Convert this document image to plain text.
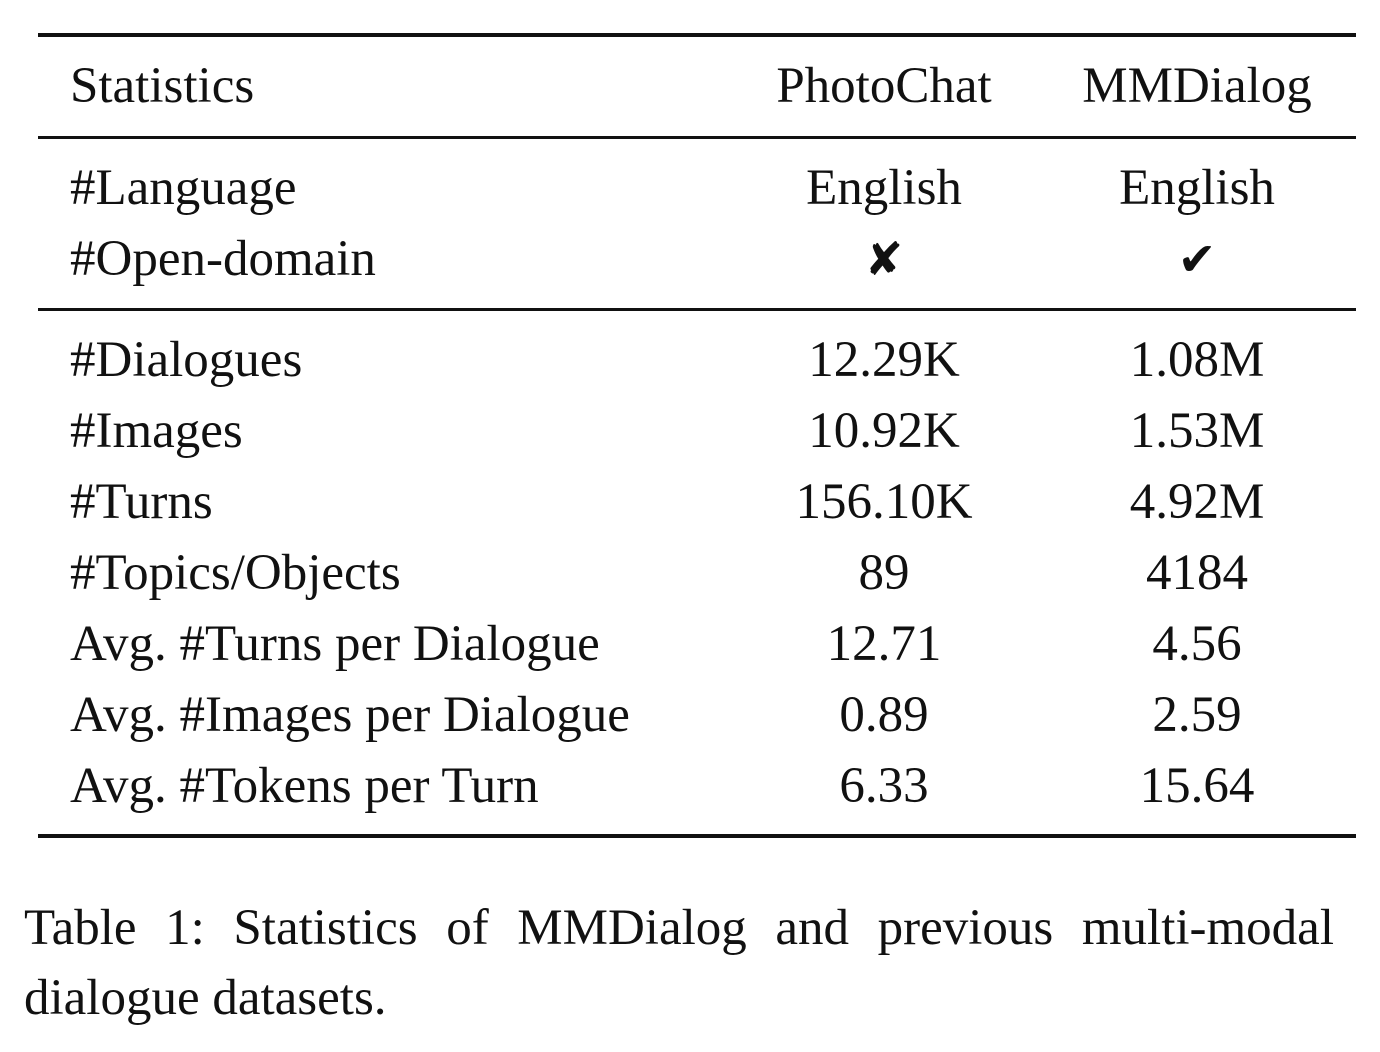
Statistics	PhotoChat	MMDialog
#Language	English	English
#Open-domain	✘	✔
#Dialogues	12.29K	1.08M
#Images	10.92K	1.53M
#Turns	156.10K	4.92M
#Topics/Objects	89	4184
Avg. #Turns per Dialogue	12.71	4.56
Avg. #Images per Dialogue	0.89	2.59
Avg. #Tokens per Turn	6.33	15.64
Table 1: Statistics of MMDialog and previous multi-modal dialogue datasets.
